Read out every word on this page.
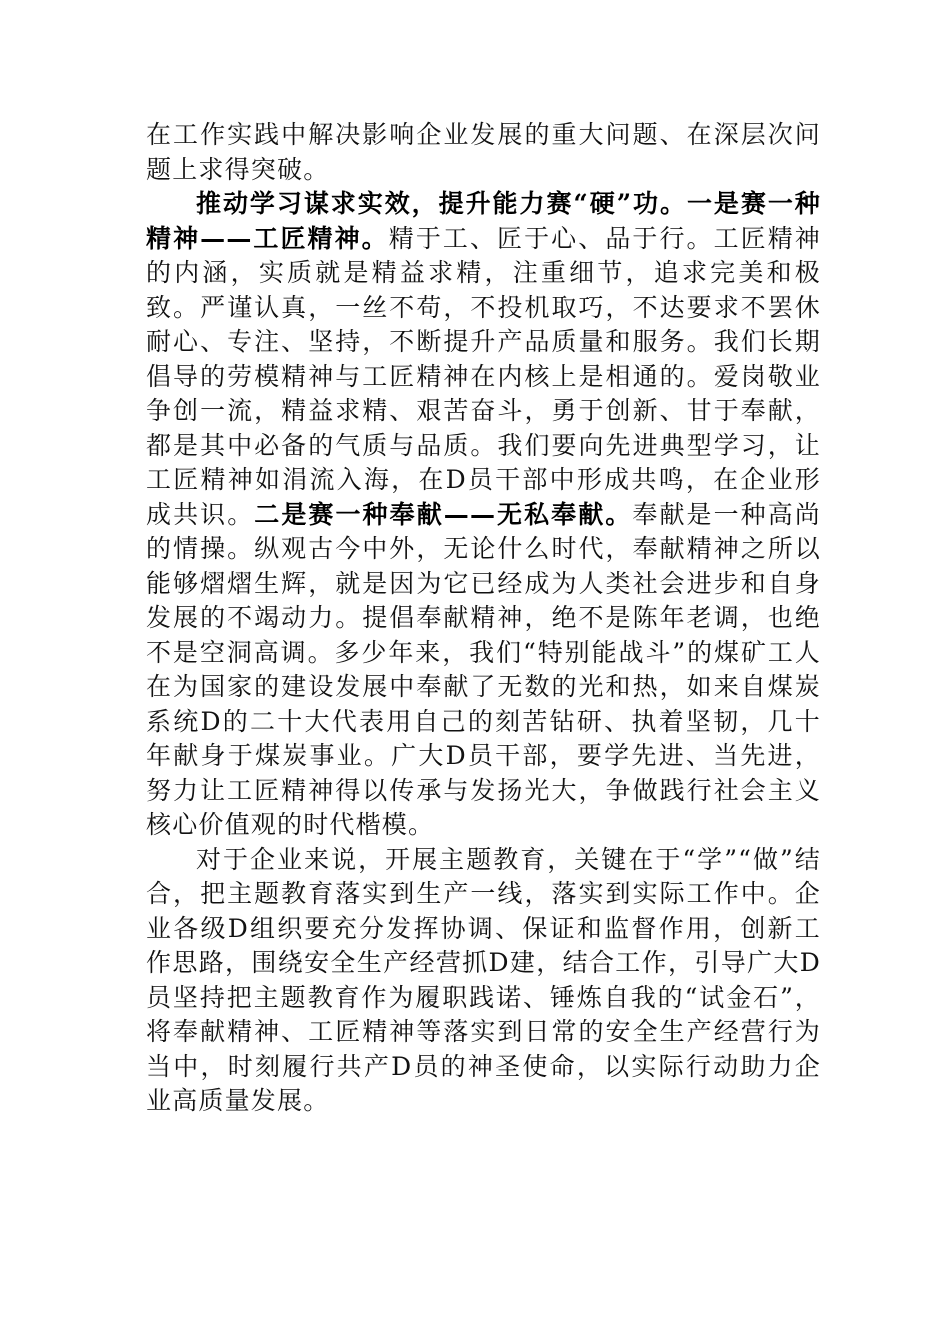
在工作实践中解决影响企业发展的重大问题、在深层次问题上求得突破。

推动学习谋求实效，提升能力赛“硬”功。一是赛一种精神——工匠精神。精于工、匠于心、品于行。工匠精神的内涵，实质就是精益求精，注重细节，追求完美和极致。严谨认真，一丝不苟，不投机取巧，不达要求不罢休耐心、专注、坚持，不断提升产品质量和服务。我们长期倡导的劳模精神与工匠精神在内核上是相通的。爱岗敬业争创一流，精益求精、艰苦奋斗，勇于创新、甘于奉献，都是其中必备的气质与品质。我们要向先进典型学习，让工匠精神如涓流入海，在D员干部中形成共鸣，在企业形成共识。二是赛一种奉献——无私奉献。奉献是一种高尚的情操。纵观古今中外，无论什么时代，奉献精神之所以能够熠熠生辉，就是因为它已经成为人类社会进步和自身发展的不竭动力。提倡奉献精神，绝不是陈年老调，也绝不是空洞高调。多少年来，我们“特别能战斗”的煤矿工人在为国家的建设发展中奉献了无数的光和热，如来自煤炭系统D的二十大代表用自己的刻苦钻研、执着坚韧，几十年献身于煤炭事业。广大D员干部，要学先进、当先进，努力让工匠精神得以传承与发扬光大，争做践行社会主义核心价值观的时代楷模。

对于企业来说，开展主题教育，关键在于“学”“做”结合，把主题教育落实到生产一线，落实到实际工作中。企业各级D组织要充分发挥协调、保证和监督作用，创新工作思路，围绕安全生产经营抓D建，结合工作，引导广大D员坚持把主题教育作为履职践诺、锤炼自我的“试金石”，将奉献精神、工匠精神等落实到日常的安全生产经营行为当中，时刻履行共产D员的神圣使命，以实际行动助力企业高质量发展。
